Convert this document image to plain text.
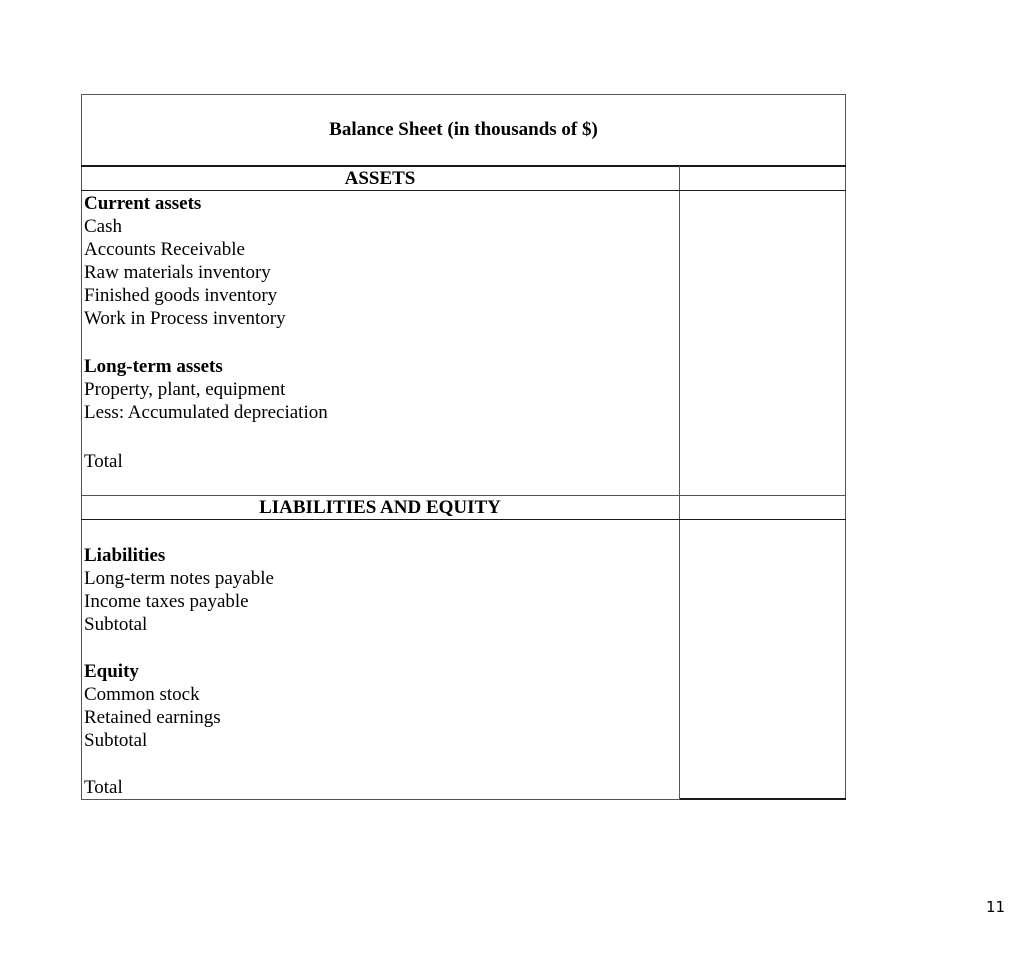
Balance Sheet (in thousands of $)
ASSETS
Current assets
Cash
Accounts Receivable
Raw materials inventory
Finished goods inventory
Work in Process inventory
Long-term assets
Property, plant, equipment
Less: Accumulated depreciation
Total
LIABILITIES AND EQUITY
Liabilities
Long-term notes payable
Income taxes payable
Subtotal
Equity
Common stock
Retained earnings
Subtotal
Total
11
